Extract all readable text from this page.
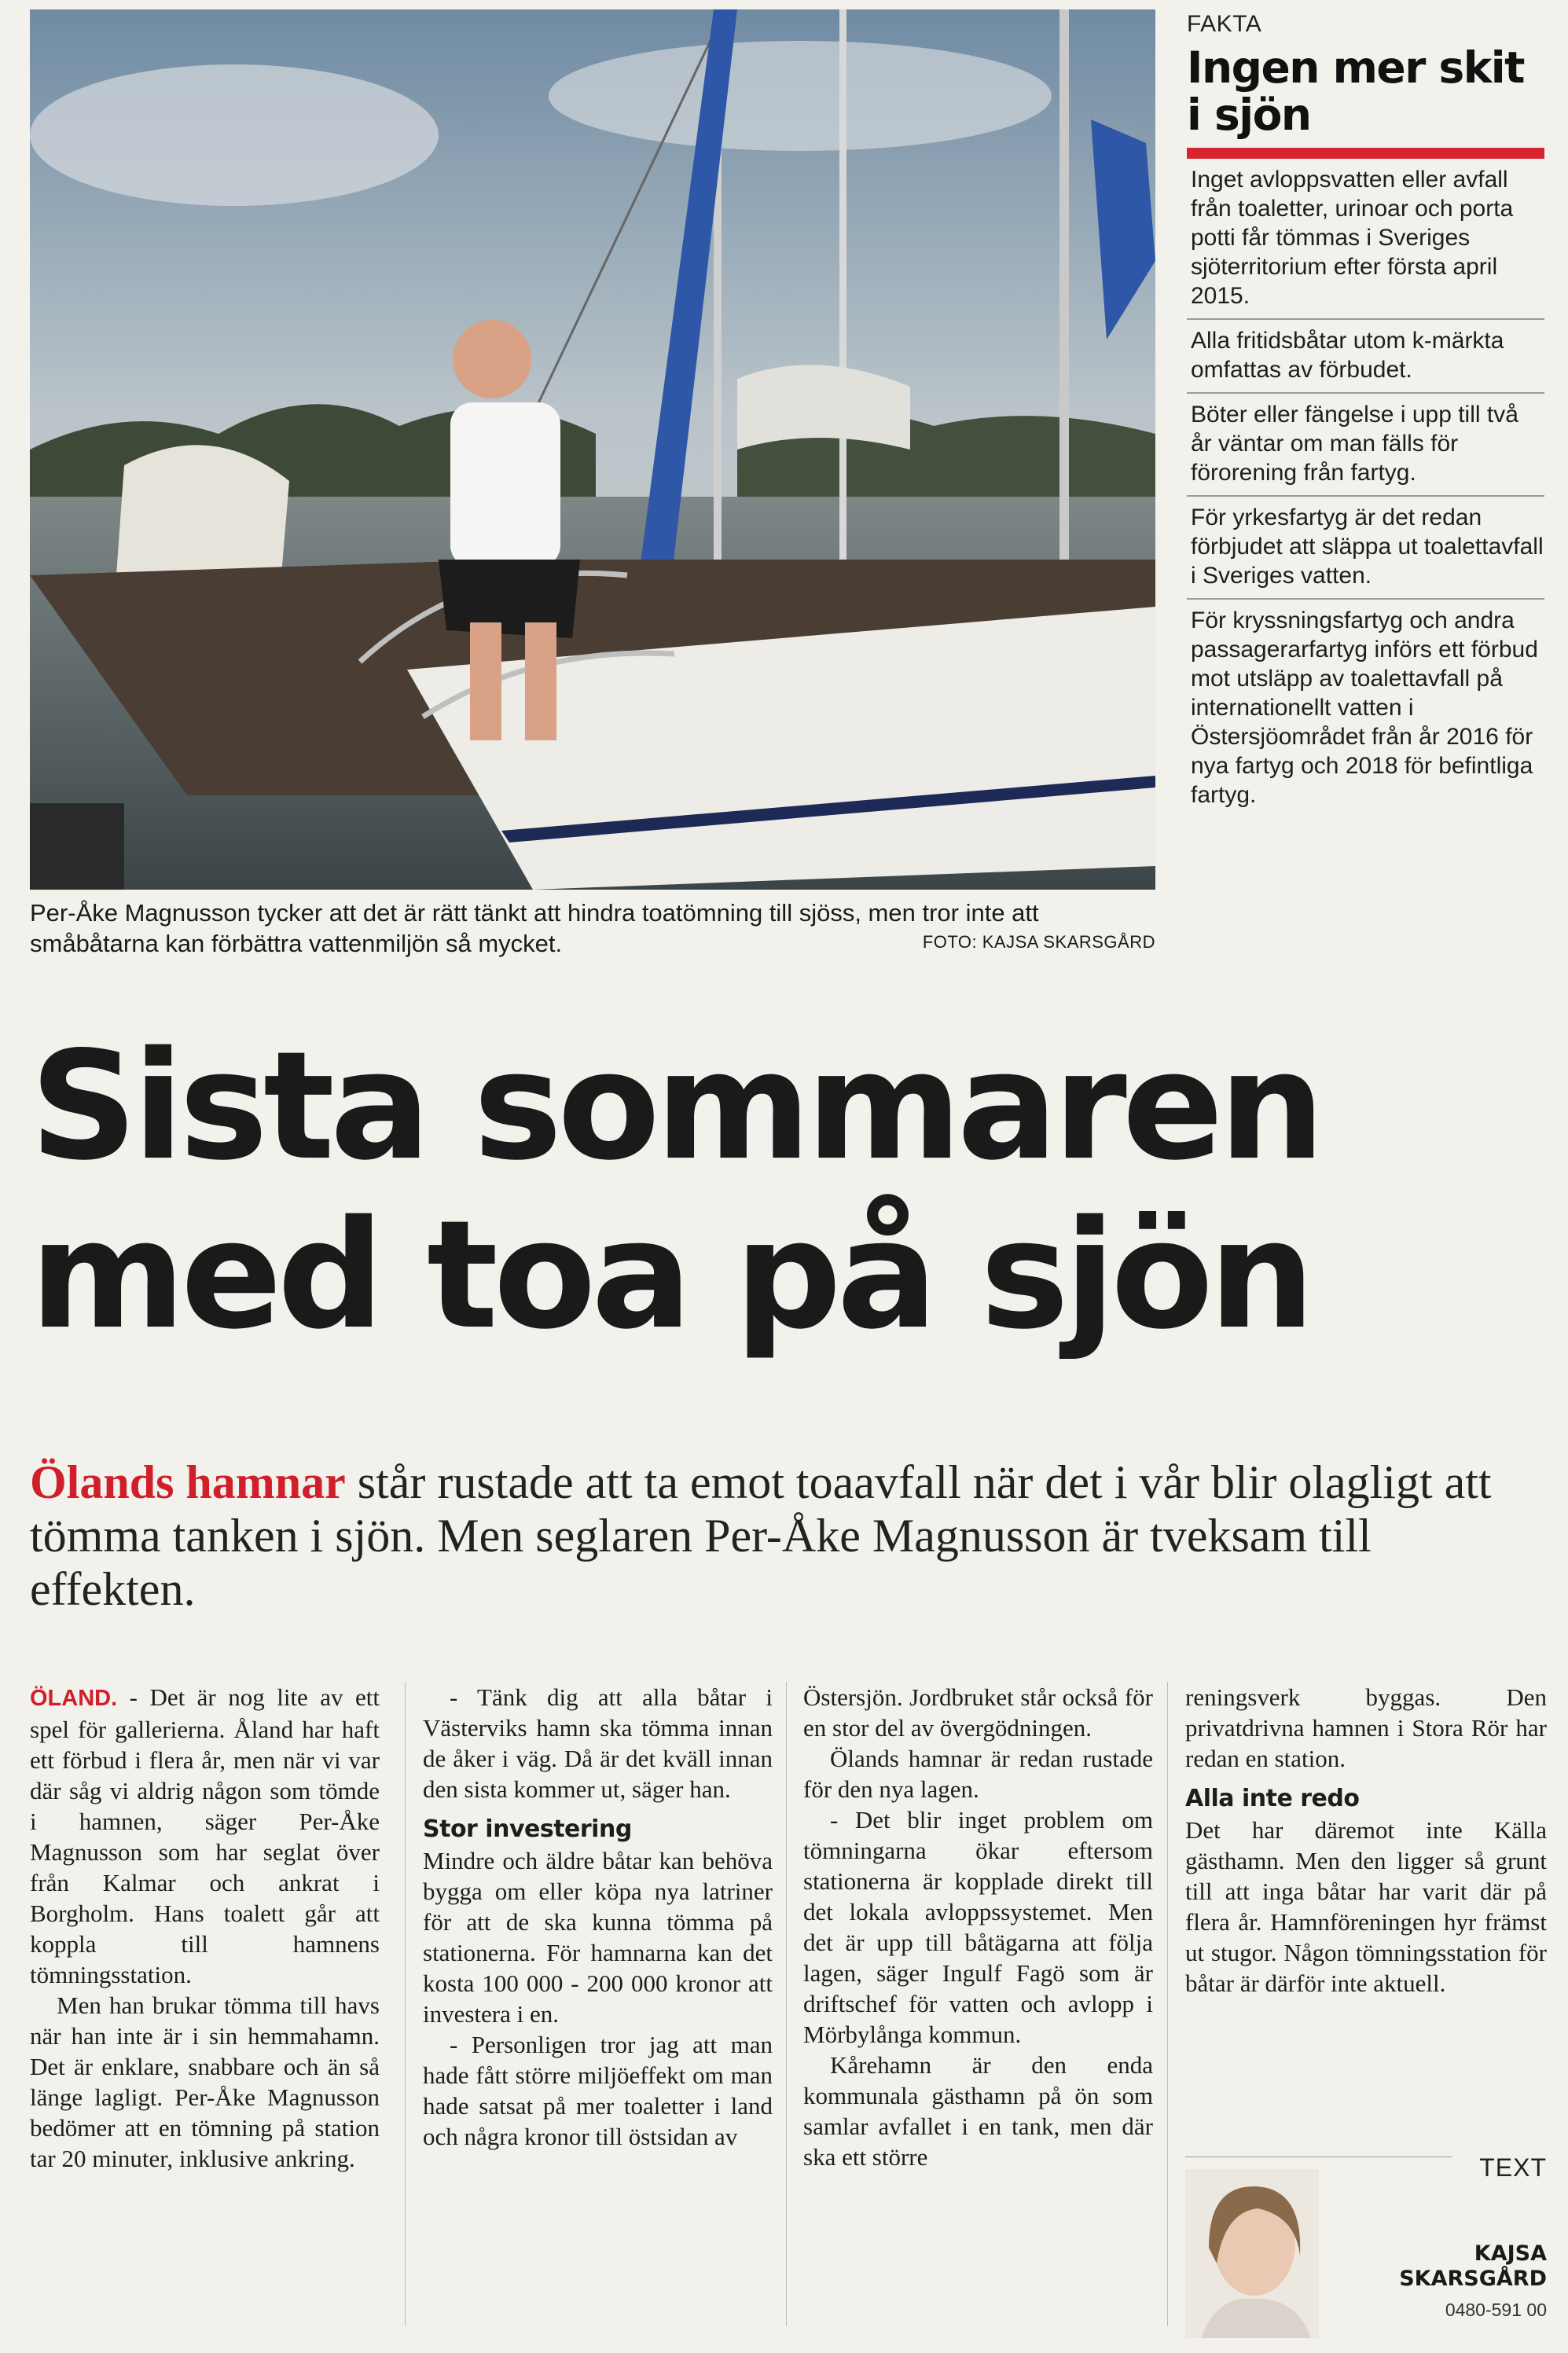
Per-Åke Magnusson tycker att det är rätt tänkt att hindra toatömning till sjöss, men tror inte att småbåtarna kan förbättra vattenmiljön så mycket.	FOTO: KAJSA SKARSGÅRD
FAKTA
Ingen mer skit i sjön
Inget avloppsvatten eller avfall från toaletter, urinoar och porta potti får tömmas i Sveriges sjöterritorium efter första april 2015.
Alla fritidsbåtar utom k-märkta omfattas av förbudet.
Böter eller fängelse i upp till två år väntar om man fälls för förorening från fartyg.
För yrkesfartyg är det redan förbjudet att släppa ut toalettavfall i Sveriges vatten.
För kryssningsfartyg och andra passagerarfartyg införs ett förbud mot utsläpp av toalettavfall på internationellt vatten i Östersjöområdet från år 2016 för nya fartyg och 2018 för befintliga fartyg.
Sista sommaren
med toa på sjön
Ölands hamnar står rustade att ta emot toaavfall när det i vår blir olagligt att tömma tanken i sjön. Men seglaren Per-Åke Magnusson är tveksam till effekten.

ÖLAND. - Det är nog lite av ett spel för gallerierna. Åland har haft ett förbud i flera år, men när vi var där såg vi aldrig någon som tömde i hamnen, säger Per-Åke Magnusson som har seglat över från Kalmar och ankrat i Borgholm. Hans toalett går att koppla till hamnens tömningsstation.

Men han brukar tömma till havs när han inte är i sin hemmahamn. Det är enklare, snabbare och än så länge lagligt. Per-Åke Magnusson bedömer att en tömning på station tar 20 minuter, inklusive ankring.

- Tänk dig att alla båtar i Västerviks hamn ska tömma innan de åker i väg. Då är det kväll innan den sista kommer ut, säger han.

Stor investering

Mindre och äldre båtar kan behöva bygga om eller köpa nya latriner för att de ska kunna tömma på stationerna. För hamnarna kan det kosta 100 000 - 200 000 kronor att investera i en.

- Personligen tror jag att man hade fått större miljöeffekt om man hade satsat på mer toaletter i land och några kronor till östsidan av

Östersjön. Jordbruket står också för en stor del av övergödningen.

Ölands hamnar är redan rustade för den nya lagen.

- Det blir inget problem om tömningarna ökar eftersom stationerna är kopplade direkt till det lokala avloppssystemet. Men det är upp till båtägarna att följa lagen, säger Ingulf Fagö som är driftschef för vatten och avlopp i Mörbylånga kommun.

Kårehamn är den enda kommunala gästhamn på ön som samlar avfallet i en tank, men där ska ett större

reningsverk byggas. Den privatdrivna hamnen i Stora Rör har redan en station.

Alla inte redo

Det har däremot inte Källa gästhamn. Men den ligger så grunt till att inga båtar har varit där på flera år. Hamnföreningen hyr främst ut stugor. Någon tömningsstation för båtar är därför inte aktuell.

TEXT
KAJSA
SKARSGÅRD
0480-591 00
